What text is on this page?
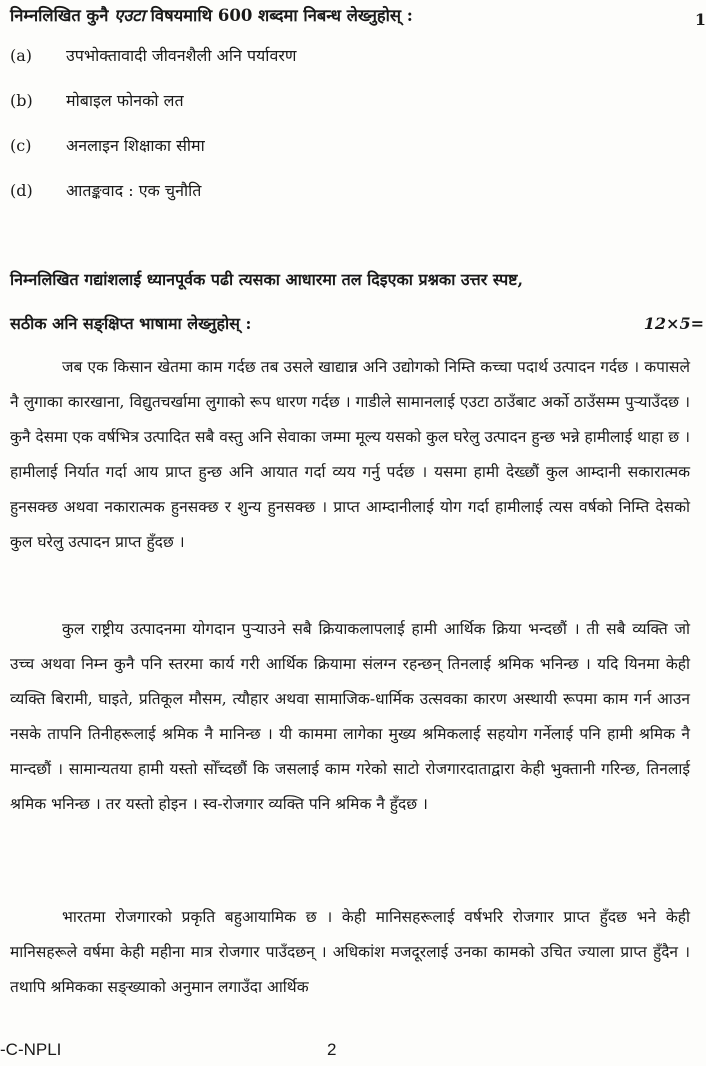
निम्नलिखित कुनै एउटा विषयमाथि 600 शब्दमा निबन्ध लेख्नुहोस् :	1
(a)	उपभोक्तावादी जीवनशैली अनि पर्यावरण
(b)	मोबाइल फोनको लत
(c)	अनलाइन शिक्षाका सीमा
(d)	आतङ्कवाद : एक चुनौति
निम्नलिखित गद्यांशलाई ध्यानपूर्वक पढी त्यसका आधारमा तल दिइएका प्रश्नका उत्तर स्पष्ट,
सठीक अनि सङ्क्षिप्त भाषामा लेख्नुहोस् :	12×5=

जब एक किसान खेतमा काम गर्दछ तब उसले खाद्यान्न अनि उद्योगको निम्ति कच्चा पदार्थ उत्पादन गर्दछ । कपासले नै लुगाका कारखाना, विद्युतचर्खामा लुगाको रूप धारण गर्दछ । गाडीले सामानलाई एउटा ठाउँबाट अर्को ठाउँसम्म पुऱ्याउँदछ । कुनै देसमा एक वर्षभित्र उत्पादित सबै वस्तु अनि सेवाका जम्मा मूल्य यसको कुल घरेलु उत्पादन हुन्छ भन्ने हामीलाई थाहा छ । हामीलाई निर्यात गर्दा आय प्राप्त हुन्छ अनि आयात गर्दा व्यय गर्नु पर्दछ । यसमा हामी देख्छौं कुल आम्दानी सकारात्मक हुनसक्छ अथवा नकारात्मक हुनसक्छ र शुन्य हुनसक्छ । प्राप्त आम्दानीलाई योग गर्दा हामीलाई त्यस वर्षको निम्ति देसको कुल घरेलु उत्पादन प्राप्त हुँदछ ।

कुल राष्ट्रीय उत्पादनमा योगदान पुऱ्याउने सबै क्रियाकलापलाई हामी आर्थिक क्रिया भन्दछौं । ती सबै व्यक्ति जो उच्च अथवा निम्न कुनै पनि स्तरमा कार्य गरी आर्थिक क्रियामा संलग्न रहन्छन् तिनलाई श्रमिक भनिन्छ । यदि यिनमा केही व्यक्ति बिरामी, घाइते, प्रतिकूल मौसम, त्यौहार अथवा सामाजिक-धार्मिक उत्सवका कारण अस्थायी रूपमा काम गर्न आउन नसके तापनि तिनीहरूलाई श्रमिक नै मानिन्छ । यी काममा लागेका मुख्य श्रमिकलाई सहयोग गर्नेलाई पनि हामी श्रमिक नै मान्दछौं । सामान्यतया हामी यस्तो सोँच्दछौं कि जसलाई काम गरेको साटो रोजगारदाताद्वारा केही भुक्तानी गरिन्छ, तिनलाई श्रमिक भनिन्छ । तर यस्तो होइन । स्व-रोजगार व्यक्ति पनि श्रमिक नै हुँदछ ।

भारतमा रोजगारको प्रकृति बहुआयामिक छ । केही मानिसहरूलाई वर्षभरि रोजगार प्राप्त हुँदछ भने केही मानिसहरूले वर्षमा केही महीना मात्र रोजगार पाउँदछन् । अधिकांश मजदूरलाई उनका कामको उचित ज्याला प्राप्त हुँदैन । तथापि श्रमिकका सङ्ख्याको अनुमान लगाउँदा आर्थिक

-C-NPLI	2
